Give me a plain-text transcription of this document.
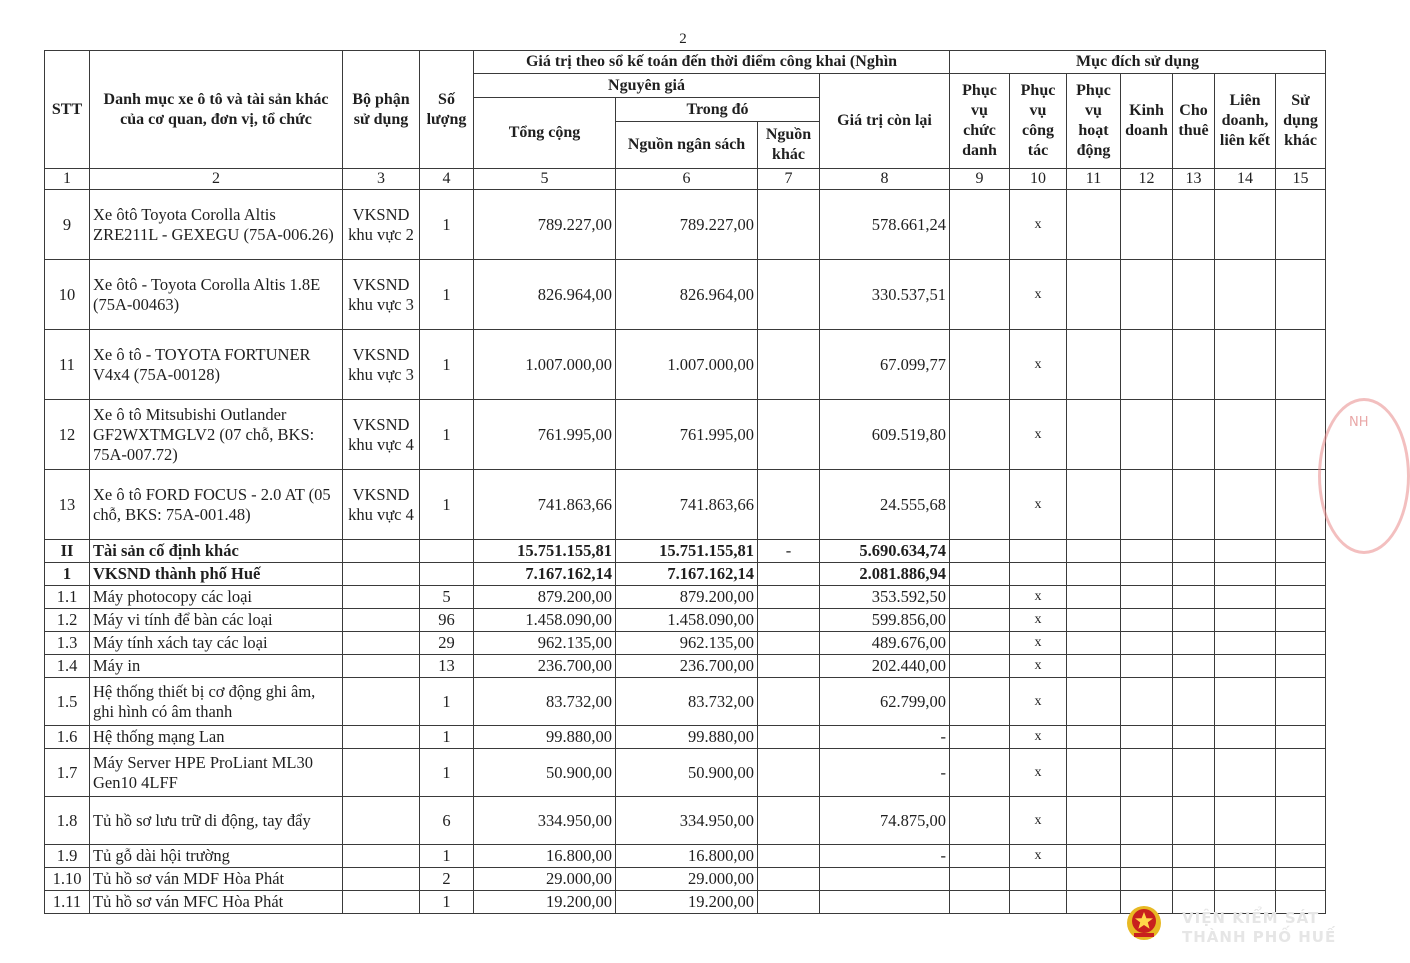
2
STT	Danh mục xe ô tô và tài sản khác của cơ quan, đơn vị, tổ chức	Bộ phận sử dụng	Số lượng	Giá trị theo sổ kế toán đến thời điểm công khai (Nghìn				Mục đích sử dụng						
				Nguyên giá			Giá trị còn lại	Phục vụ chức danh	Phục vụ công tác	Phục vụ hoạt động	Kinh doanh	Cho thuê	Liên doanh, liên kết	Sử dụng khác
				Tổng cộng	Trong đó									
					Nguồn ngân sách	Nguồn khác								
1	2	3	4	5	6	7	8	9	10	11	12	13	14	15
9	Xe ôtô Toyota Corolla Altis ZRE211L - GEXEGU (75A-006.26)	VKSND khu vực 2	1	789.227,00	789.227,00		578.661,24		x					
10	Xe ôtô - Toyota Corolla Altis 1.8E (75A-00463)	VKSND khu vực 3	1	826.964,00	826.964,00		330.537,51		x					
11	Xe ô tô - TOYOTA FORTUNER V4x4 (75A-00128)	VKSND khu vực 3	1	1.007.000,00	1.007.000,00		67.099,77		x					
12	Xe ô tô Mitsubishi Outlander GF2WXTMGLV2 (07 chỗ, BKS: 75A-007.72)	VKSND khu vực 4	1	761.995,00	761.995,00		609.519,80		x					
13	Xe ô tô FORD FOCUS - 2.0 AT (05 chỗ, BKS: 75A-001.48)	VKSND khu vực 4	1	741.863,66	741.863,66		24.555,68		x					
II	Tài sản cố định khác			15.751.155,81	15.751.155,81	-	5.690.634,74							
1	VKSND thành phố Huế			7.167.162,14	7.167.162,14		2.081.886,94							
1.1	Máy photocopy các loại		5	879.200,00	879.200,00		353.592,50		x					
1.2	Máy vi tính để bàn các loại		96	1.458.090,00	1.458.090,00		599.856,00		x					
1.3	Máy tính xách tay các loại		29	962.135,00	962.135,00		489.676,00		x					
1.4	Máy in		13	236.700,00	236.700,00		202.440,00		x					
1.5	Hệ thống thiết bị cơ động ghi âm, ghi hình có âm thanh		1	83.732,00	83.732,00		62.799,00		x					
1.6	Hệ thống mạng Lan		1	99.880,00	99.880,00		-		x					
1.7	Máy Server HPE ProLiant ML30 Gen10 4LFF		1	50.900,00	50.900,00		-		x					
1.8	Tủ hồ sơ lưu trữ di động, tay đẩy		6	334.950,00	334.950,00		74.875,00		x					
1.9	Tủ gỗ dài hội trường		1	16.800,00	16.800,00		-		x					
1.10	Tủ hồ sơ ván MDF Hòa Phát		2	29.000,00	29.000,00									
1.11	Tủ hồ sơ ván MFC Hòa Phát		1	19.200,00	19.200,00									
NH
VIỆN KIỂM SÁT
THÀNH PHỐ HUẾ
